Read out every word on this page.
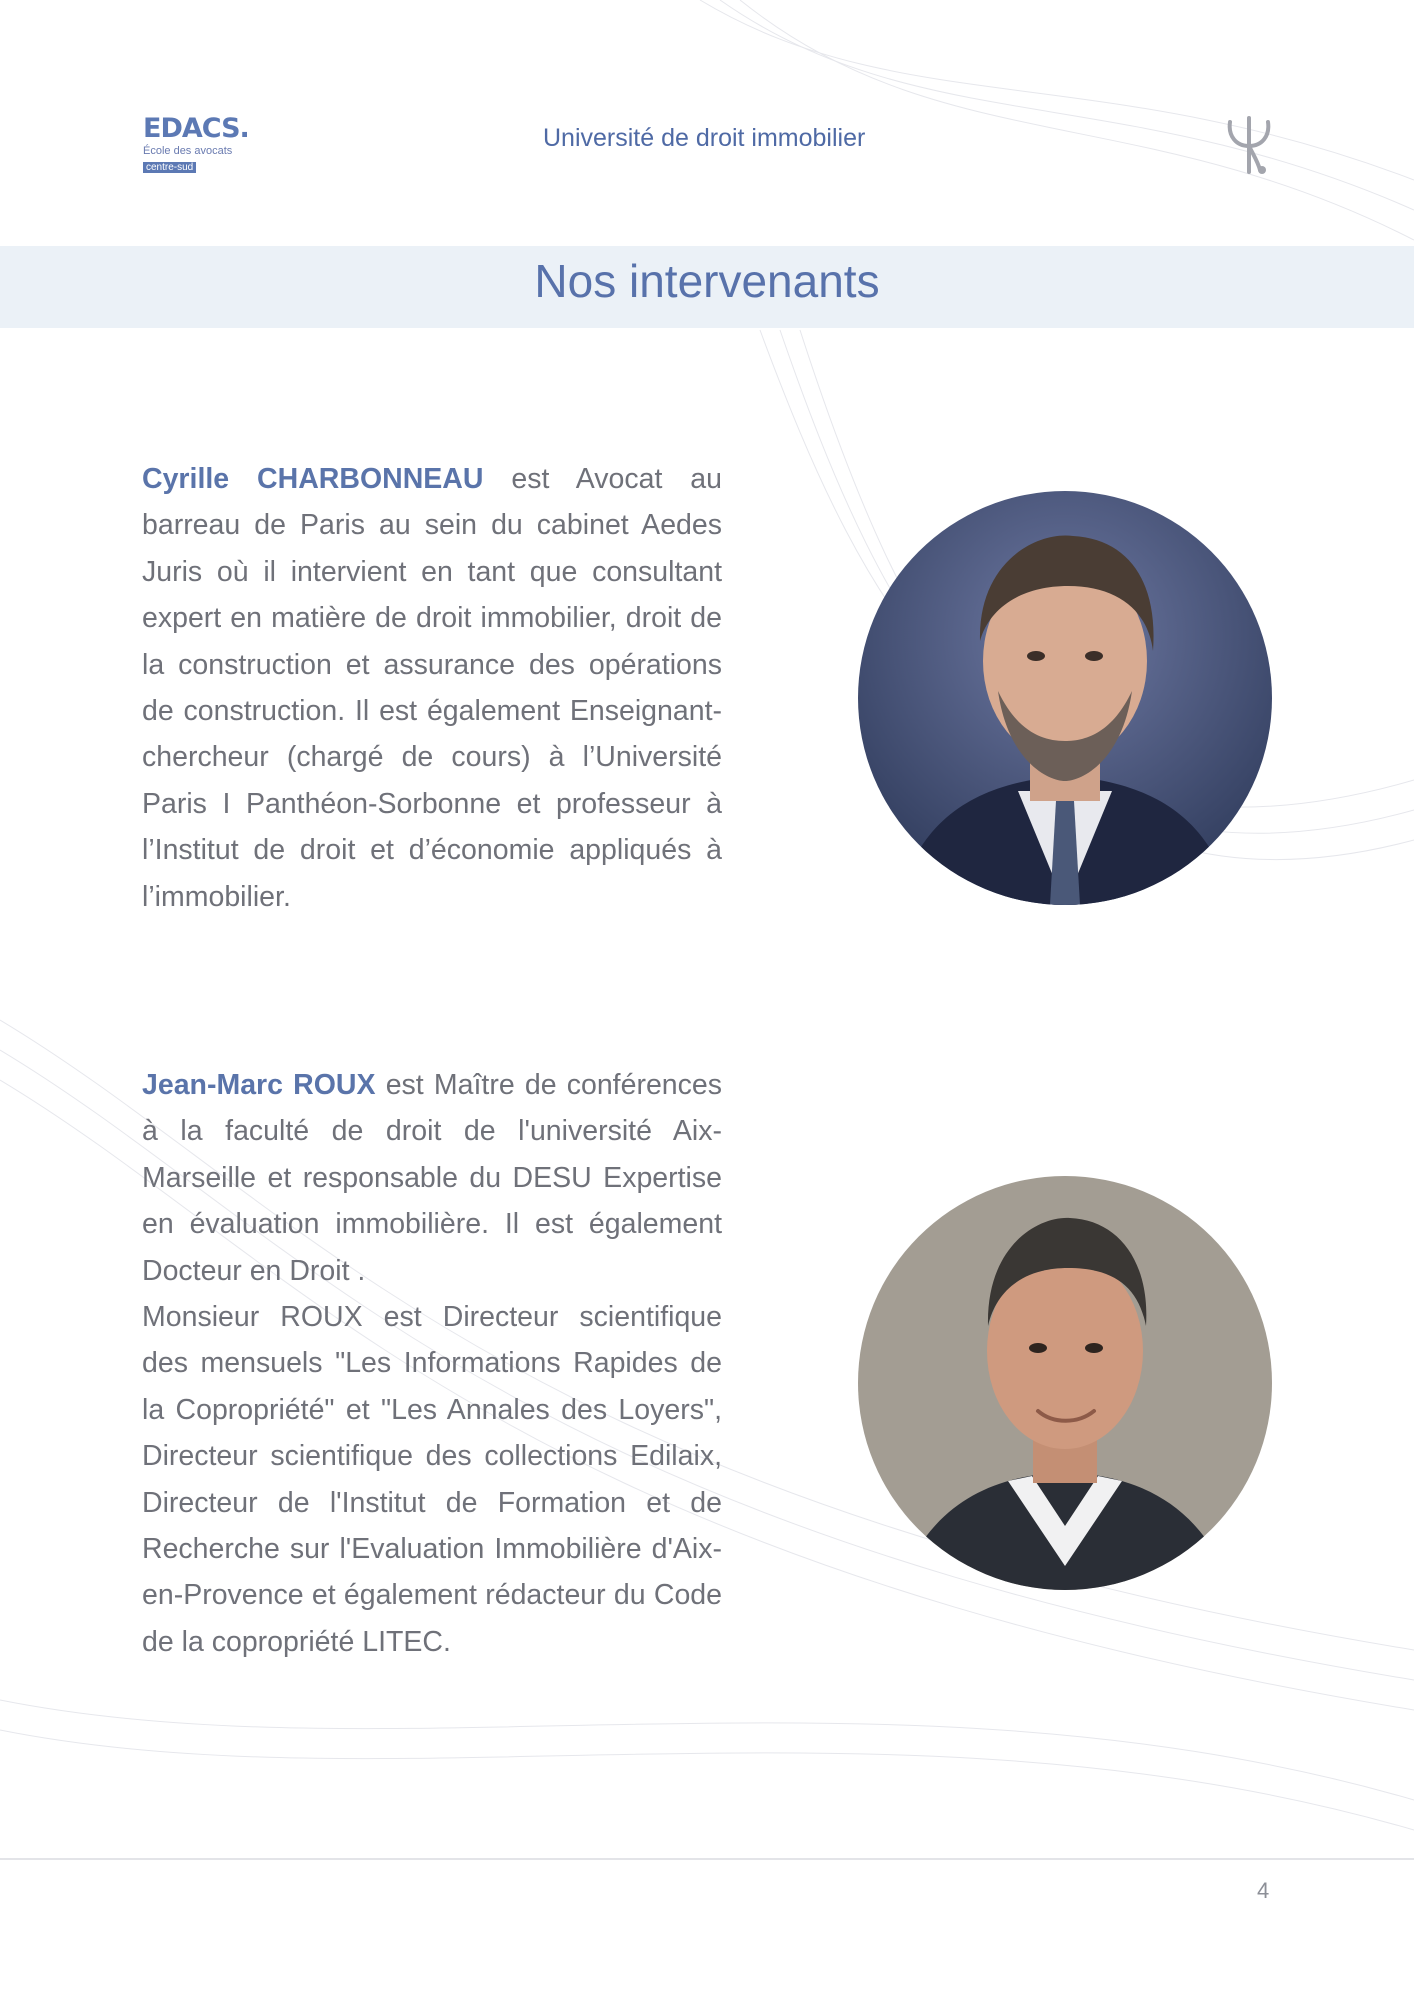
EDACS.
École des avocats
centre-sud
Université de droit immobilier
Nos intervenants
Cyrille CHARBONNEAU est Avocat au barreau de Paris au sein du cabinet Aedes Juris où il intervient en tant que consultant expert en matière de droit immobilier, droit de la construction et assurance des opérations de construction. Il est également Enseignant-chercheur (chargé de cours) à l’Université Paris I Panthéon-Sorbonne et professeur à l’Institut de droit et d’économie appliqués à l’immobilier.
Jean-Marc ROUX est Maître de conférences à la faculté de droit de l'université Aix-Marseille et responsable du DESU Expertise en évaluation immobilière. Il est également Docteur en Droit .
Monsieur ROUX est Directeur scientifique des mensuels "Les Informations Rapides de la Copropriété" et "Les Annales des Loyers", Directeur scientifique des collections Edilaix, Directeur de l'Institut de Formation et de Recherche sur l'Evaluation Immobilière d'Aix-en-Provence et également rédacteur du Code de la copropriété LITEC.
4
